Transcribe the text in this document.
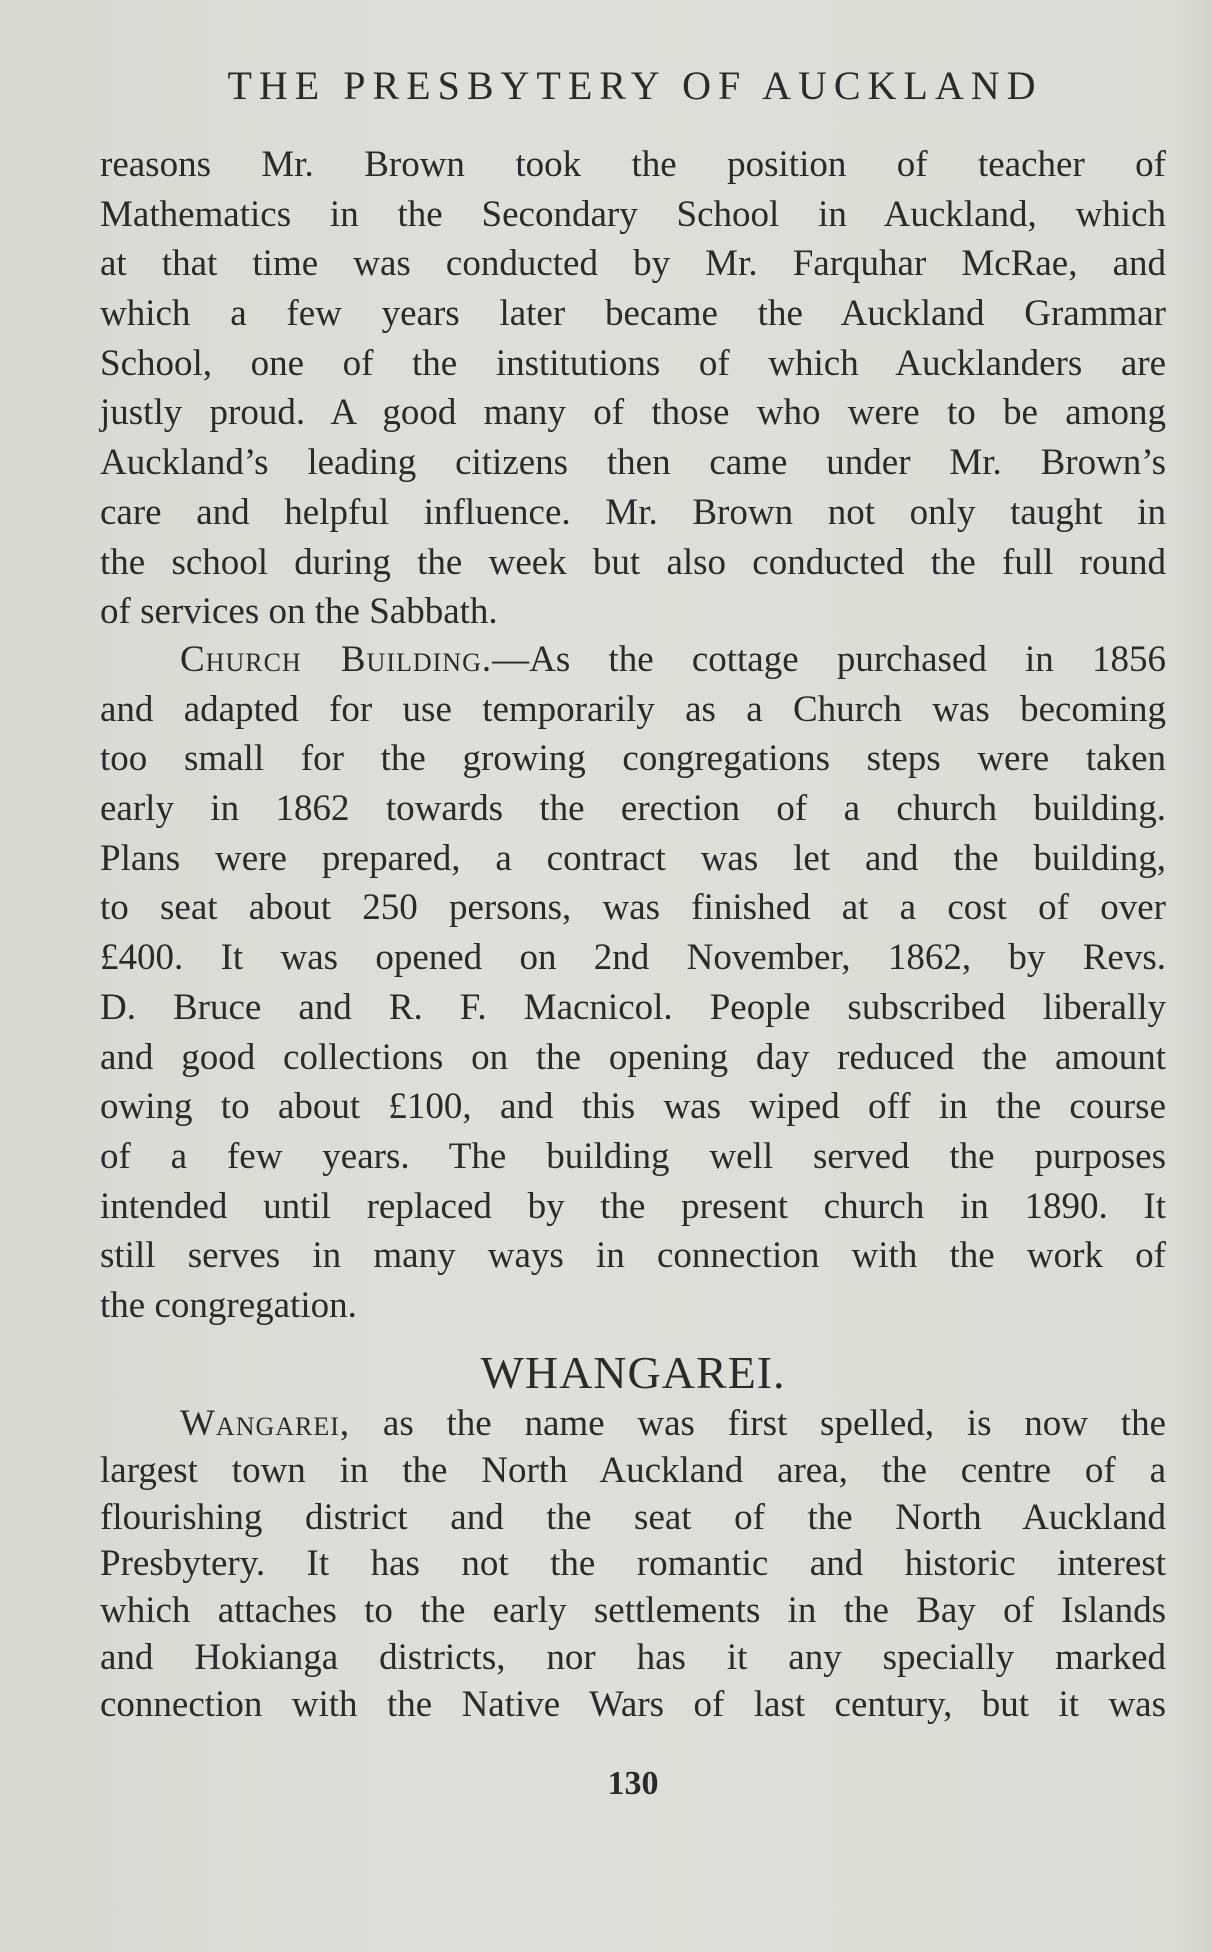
THE PRESBYTERY OF AUCKLAND
reasons Mr. Brown took the position of teacher of
Mathematics in the Secondary School in Auckland, which
at that time was conducted by Mr. Farquhar McRae, and
which a few years later became the Auckland Grammar
School, one of the institutions of which Aucklanders are
justly proud. A good many of those who were to be among
Auckland’s leading citizens then came under Mr. Brown’s
care and helpful influence. Mr. Brown not only taught in
the school during the week but also conducted the full round
of services on the Sabbath.
Church Building.—As the cottage purchased in 1856
and adapted for use temporarily as a Church was becoming
too small for the growing congregations steps were taken
early in 1862 towards the erection of a church building.
Plans were prepared, a contract was let and the building,
to seat about 250 persons, was finished at a cost of over
£400. It was opened on 2nd November, 1862, by Revs.
D. Bruce and R. F. Macnicol. People subscribed liberally
and good collections on the opening day reduced the amount
owing to about £100, and this was wiped off in the course
of a few years. The building well served the purposes
intended until replaced by the present church in 1890. It
still serves in many ways in connection with the work of
the congregation.
WHANGAREI.
Wangarei, as the name was first spelled, is now the
largest town in the North Auckland area, the centre of a
flourishing district and the seat of the North Auckland
Presbytery. It has not the romantic and historic interest
which attaches to the early settlements in the Bay of Islands
and Hokianga districts, nor has it any specially marked
connection with the Native Wars of last century, but it was
130
